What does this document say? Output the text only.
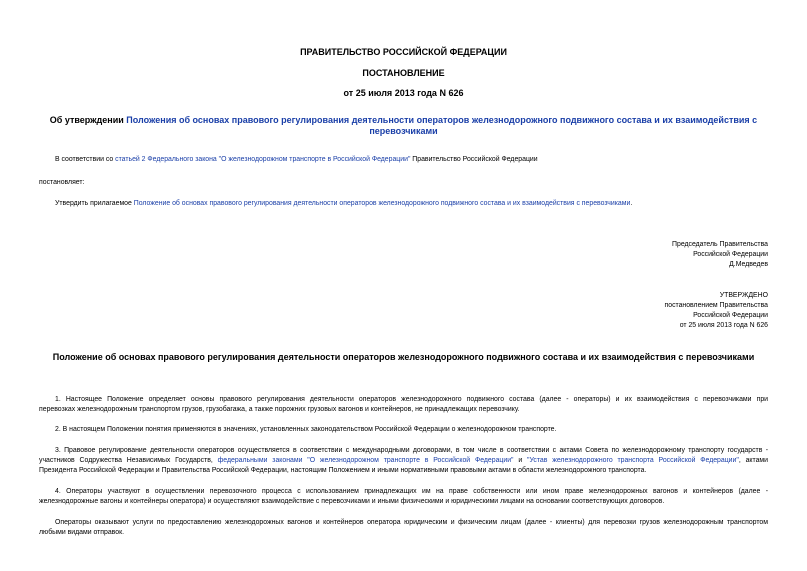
ПРАВИТЕЛЬСТВО РОССИЙСКОЙ ФЕДЕРАЦИИ
ПОСТАНОВЛЕНИЕ
от 25 июля 2013 года N 626
Об утверждении Положения об основах правового регулирования деятельности операторов железнодорожного подвижного состава и их взаимодействия с
перевозчиками
В соответствии со статьей 2 Федерального закона "О железнодорожном транспорте в Российской Федерации" Правительство Российской Федерации
постановляет:
Утвердить прилагаемое Положение об основах правового регулирования деятельности операторов железнодорожного подвижного состава и их взаимодействия с перевозчиками.
Председатель Правительства
Российской Федерации
Д.Медведев
УТВЕРЖДЕНО
постановлением Правительства
Российской Федерации
от 25 июля 2013 года N 626
Положение об основах правового регулирования деятельности операторов железнодорожного подвижного состава и их взаимодействия с перевозчиками
1. Настоящее Положение определяет основы правового регулирования деятельности операторов железнодорожного подвижного состава (далее - операторы) и их взаимодействия с перевозчиками при
перевозках железнодорожным транспортом грузов, грузобагажа, а также порожних грузовых вагонов и контейнеров, не принадлежащих перевозчику.
2. В настоящем Положении понятия применяются в значениях, установленных законодательством Российской Федерации о железнодорожном транспорте.
3. Правовое регулирование деятельности операторов осуществляется в соответствии с международными договорами, в том числе в соответствии с актами Совета по железнодорожному транспорту государств -
участников Содружества Независимых Государств, федеральными законами "О железнодорожном транспорте в Российской Федерации" и "Устав железнодорожного транспорта Российской Федерации", актами
Президента Российской Федерации и Правительства Российской Федерации, настоящим Положением и иными нормативными правовыми актами в области железнодорожного транспорта.
4. Операторы участвуют в осуществлении перевозочного процесса с использованием принадлежащих им на праве собственности или ином праве железнодорожных вагонов и контейнеров (далее -
железнодорожные вагоны и контейнеры оператора) и осуществляют взаимодействие с перевозчиками и иными физическими и юридическими лицами на основании соответствующих договоров.
Операторы оказывают услуги по предоставлению железнодорожных вагонов и контейнеров оператора юридическим и физическим лицам (далее - клиенты) для перевозки грузов железнодорожным транспортом
любыми видами отправок.
